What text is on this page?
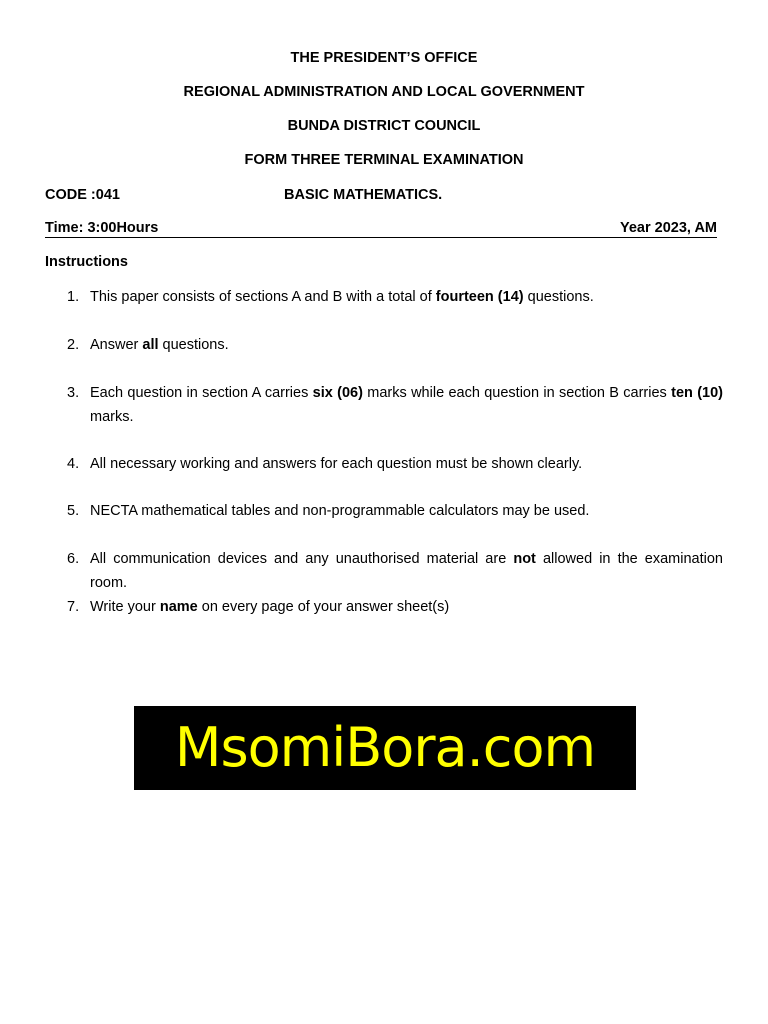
THE PRESIDENT’S OFFICE
REGIONAL ADMINISTRATION AND LOCAL GOVERNMENT
BUNDA DISTRICT COUNCIL
FORM THREE TERMINAL EXAMINATION
CODE :041	BASIC MATHEMATICS.
Time: 3:00Hours	Year 2023, AM
Instructions
1. This paper consists of sections A and B with a total of fourteen (14) questions.
2. Answer all questions.
3. Each question in section A carries six (06) marks while each question in section B carries ten (10) marks.
4. All necessary working and answers for each question must be shown clearly.
5. NECTA mathematical tables and non-programmable calculators may be used.
6. All communication devices and any unauthorised material are not allowed in the examination room.
7. Write your name on every page of your answer sheet(s)
MsomiBora.com
